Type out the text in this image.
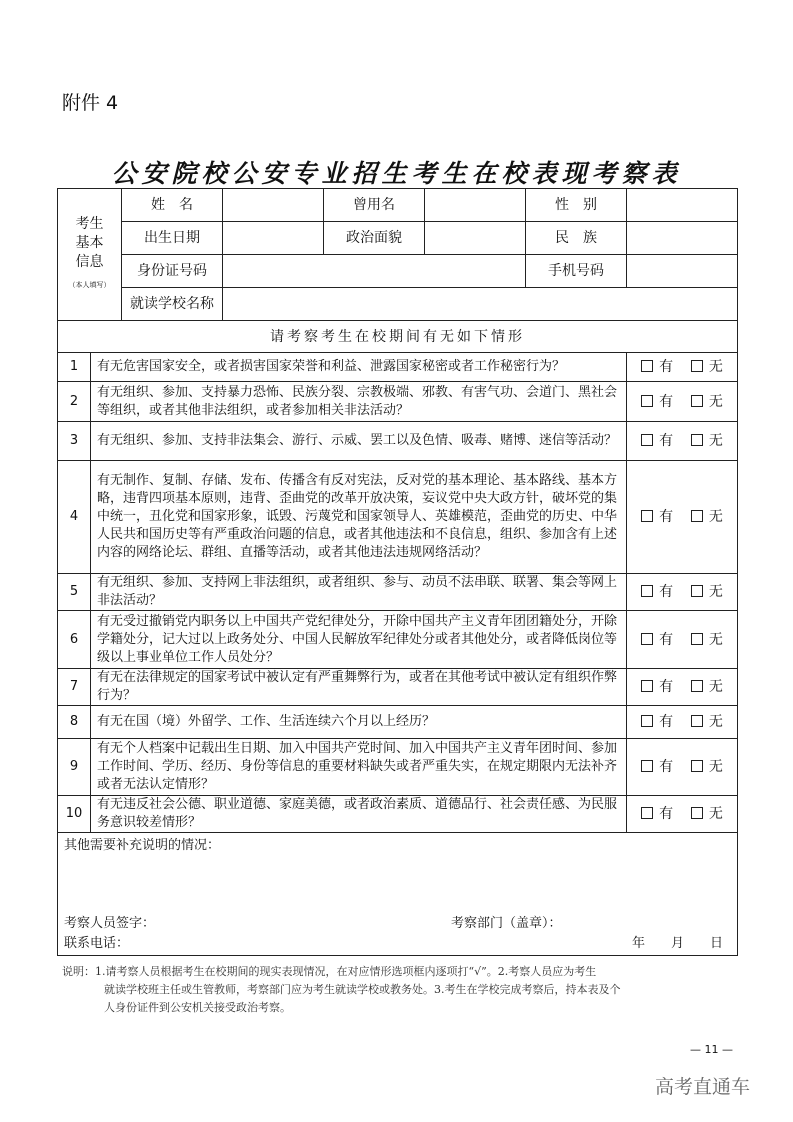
附件 4
公安院校公安专业招生考生在校表现考察表
考生基本信息
（本人填写）		姓　名		曾用名		性　别	
		出生日期		政治面貌		民　族	
		身份证号码				手机号码	
		就读学校名称					
请考察考生在校期间有无如下情形							
1	有无危害国家安全，或者损害国家荣誉和利益、泄露国家秘密或者工作秘密行为？						有 无
2	有无组织、参加、支持暴力恐怖、民族分裂、宗教极端、邪教、有害气功、会道门、黑社会等组织，或者其他非法组织，或者参加相关非法活动？						有 无
3	有无组织、参加、支持非法集会、游行、示威、罢工以及色情、吸毒、赌博、迷信等活动？						有 无
4	有无制作、复制、存储、发布、传播含有反对宪法，反对党的基本理论、基本路线、基本方略，违背四项基本原则，违背、歪曲党的改革开放决策，妄议党中央大政方针，破坏党的集中统一，丑化党和国家形象，诋毁、污蔑党和国家领导人、英雄模范，歪曲党的历史、中华人民共和国历史等有严重政治问题的信息，或者其他违法和不良信息，组织、参加含有上述内容的网络论坛、群组、直播等活动，或者其他违法违规网络活动？						有 无
5	有无组织、参加、支持网上非法组织，或者组织、参与、动员不法串联、联署、集会等网上非法活动？						有 无
6	有无受过撤销党内职务以上中国共产党纪律处分，开除中国共产主义青年团团籍处分，开除学籍处分，记大过以上政务处分、中国人民解放军纪律处分或者其他处分，或者降低岗位等级以上事业单位工作人员处分？						有 无
7	有无在法律规定的国家考试中被认定有严重舞弊行为，或者在其他考试中被认定有组织作弊行为？						有 无
8	有无在国（境）外留学、工作、生活连续六个月以上经历？						有 无
9	有无个人档案中记载出生日期、加入中国共产党时间、加入中国共产主义青年团时间、参加工作时间、学历、经历、身份等信息的重要材料缺失或者严重失实，在规定期限内无法补齐或者无法认定情形？						有 无
10	有无违反社会公德、职业道德、家庭美德，或者政治素质、道德品行、社会责任感、为民服务意识较差情形？						有 无

其他需要补充说明的情况：
考察人员签字： 考察部门（盖章）：
联系电话： 年　　月　　日							
说明：1.请考察人员根据考生在校期间的现实表现情况，在对应情形选项框内逐项打“√”。2.考察人员应为考生
就读学校班主任或生管教师，考察部门应为考生就读学校或教务处。3.考生在学校完成考察后，持本表及个
人身份证件到公安机关接受政治考察。
— 11 —
高考直通车
